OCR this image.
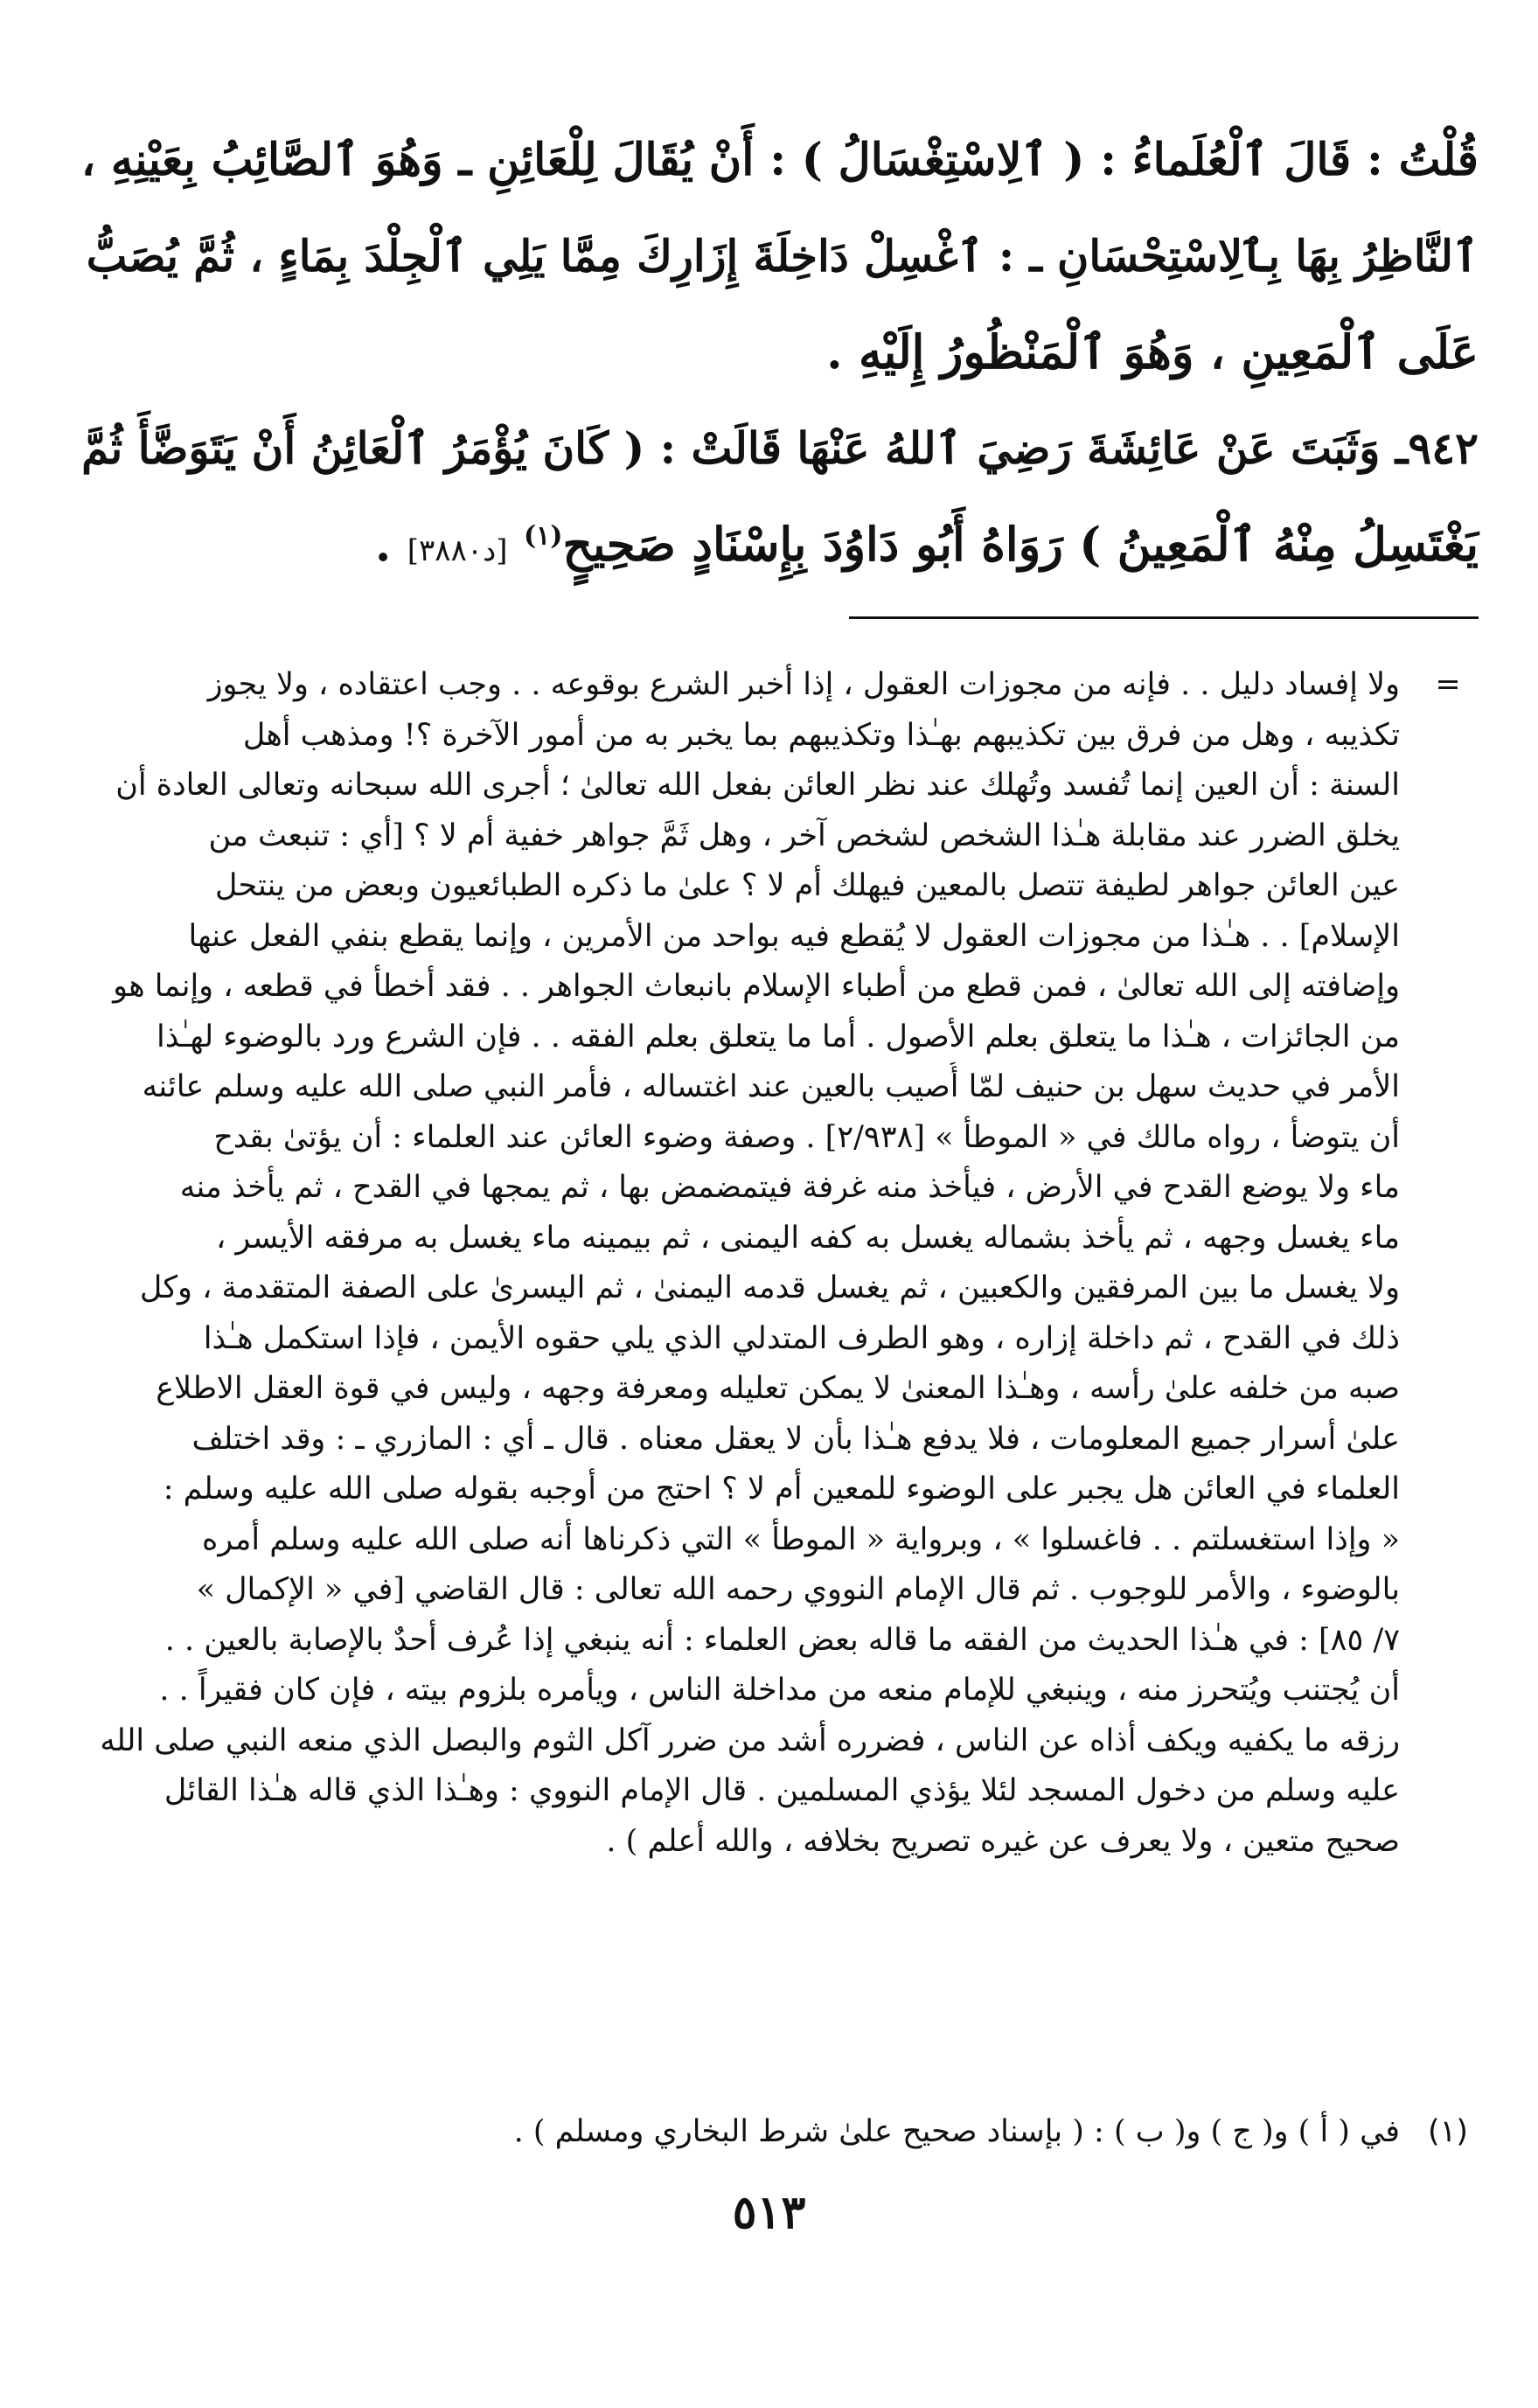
قُلْتُ : قَالَ ٱلْعُلَماءُ : ( ٱلِاسْتِغْسَالُ ) : أَنْ يُقَالَ لِلْعَائِنِ ـ وَهُوَ ٱلصَّائِبُ بِعَيْنِهِ ،
ٱلنَّاظِرُ بِهَا بِٱلِاسْتِحْسَانِ ـ : ٱغْسِلْ دَاخِلَةَ إِزَارِكَ مِمَّا يَلِي ٱلْجِلْدَ بِمَاءٍ ، ثُمَّ يُصَبُّ
عَلَى ٱلْمَعِينِ ، وَهُوَ ٱلْمَنْظُورُ إِلَيْهِ .
٩٤٢ـ وَثَبَتَ عَنْ عَائِشَةَ رَضِيَ ٱللهُ عَنْهَا قَالَتْ : ( كَانَ يُؤْمَرُ ٱلْعَائِنُ أَنْ يَتَوَضَّأَ ثُمَّ
يَغْتَسِلُ مِنْهُ ٱلْمَعِينُ ) رَوَاهُ أَبُو دَاوُدَ بِإِسْنَادٍ صَحِيحٍ$^{(١)}$ [د٣٨٨٠] .
=
ولا إفساد دليل . . فإنه من مجوزات العقول ، إذا أخبر الشرع بوقوعه . . وجب اعتقاده ، ولا يجوز
تكذيبه ، وهل من فرق بين تكذيبهم بهـٰذا وتكذيبهم بما يخبر به من أمور الآخرة ؟! ومذهب أهل
السنة : أن العين إنما تُفسد وتُهلك عند نظر العائن بفعل الله تعالىٰ ؛ أجرى الله سبحانه وتعالى العادة أن
يخلق الضرر عند مقابلة هـٰذا الشخص لشخص آخر ، وهل ثَمَّ جواهر خفية أم لا ؟ [أي : تنبعث من
عين العائن جواهر لطيفة تتصل بالمعين فيهلك أم لا ؟ علىٰ ما ذكره الطبائعيون وبعض من ينتحل
الإسلام] . . هـٰذا من مجوزات العقول لا يُقطع فيه بواحد من الأمرين ، وإنما يقطع بنفي الفعل عنها
وإضافته إلى الله تعالىٰ ، فمن قطع من أطباء الإسلام بانبعاث الجواهر . . فقد أخطأ في قطعه ، وإنما هو
من الجائزات ، هـٰذا ما يتعلق بعلم الأصول . أما ما يتعلق بعلم الفقه . . فإن الشرع ورد بالوضوء لهـٰذا
الأمر في حديث سهل بن حنيف لمّا أُصيب بالعين عند اغتساله ، فأمر النبي صلى الله عليه وسلم عائنه
أن يتوضأ ، رواه مالك في « الموطأ » [٢/٩٣٨] . وصفة وضوء العائن عند العلماء : أن يؤتىٰ بقدح
ماء ولا يوضع القدح في الأرض ، فيأخذ منه غرفة فيتمضمض بها ، ثم يمجها في القدح ، ثم يأخذ منه
ماء يغسل وجهه ، ثم يأخذ بشماله يغسل به كفه اليمنى ، ثم بيمينه ماء يغسل به مرفقه الأيسر ،
ولا يغسل ما بين المرفقين والكعبين ، ثم يغسل قدمه اليمنىٰ ، ثم اليسرىٰ على الصفة المتقدمة ، وكل
ذلك في القدح ، ثم داخلة إزاره ، وهو الطرف المتدلي الذي يلي حقوه الأيمن ، فإذا استكمل هـٰذا
صبه من خلفه علىٰ رأسه ، وهـٰذا المعنىٰ لا يمكن تعليله ومعرفة وجهه ، وليس في قوة العقل الاطلاع
علىٰ أسرار جميع المعلومات ، فلا يدفع هـٰذا بأن لا يعقل معناه . قال ـ أي : المازري ـ : وقد اختلف
العلماء في العائن هل يجبر على الوضوء للمعين أم لا ؟ احتج من أوجبه بقوله صلى الله عليه وسلم :
« وإذا استغسلتم . . فاغسلوا » ، وبرواية « الموطأ » التي ذكرناها أنه صلى الله عليه وسلم أمره
بالوضوء ، والأمر للوجوب . ثم قال الإمام النووي رحمه الله تعالى : قال القاضي [في « الإكمال »
٧/ ٨٥] : في هـٰذا الحديث من الفقه ما قاله بعض العلماء : أنه ينبغي إذا عُرف أحدٌ بالإصابة بالعين . .
أن يُجتنب ويُتحرز منه ، وينبغي للإمام منعه من مداخلة الناس ، ويأمره بلزوم بيته ، فإن كان فقيراً . .
رزقه ما يكفيه ويكف أذاه عن الناس ، فضرره أشد من ضرر آكل الثوم والبصل الذي منعه النبي صلى الله
عليه وسلم من دخول المسجد لئلا يؤذي المسلمين . قال الإمام النووي : وهـٰذا الذي قاله هـٰذا القائل
صحيح متعين ، ولا يعرف عن غيره تصريح بخلافه ، والله أعلم ) .
(١)
في ( أ ) و( ج ) و( ب ) : ( بإسناد صحيح علىٰ شرط البخاري ومسلم ) .
٥١٣
